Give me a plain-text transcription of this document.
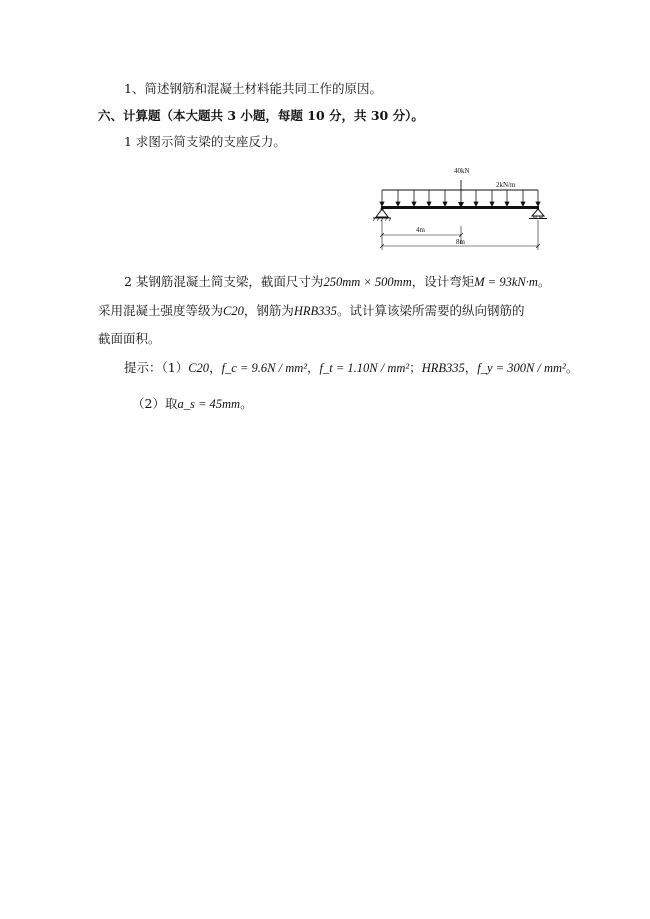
1、简述钢筋和混凝土材料能共同工作的原因。
六、计算题（本大题共 3 小题，每题 10 分，共 30 分）。
1 求图示简支梁的支座反力。
40kN
2kN/m
4m
8m
2 某钢筋混凝土简支梁，截面尺寸为250mm × 500mm，设计弯矩M = 93kN·m。
采用混凝土强度等级为C20，钢筋为HRB335。试计算该梁所需要的纵向钢筋的
截面面积。
提示：（1）C20，f_c = 9.6N / mm²，f_t = 1.10N / mm²；HRB335，f_y = 300N / mm²。
（2）取a_s = 45mm。
